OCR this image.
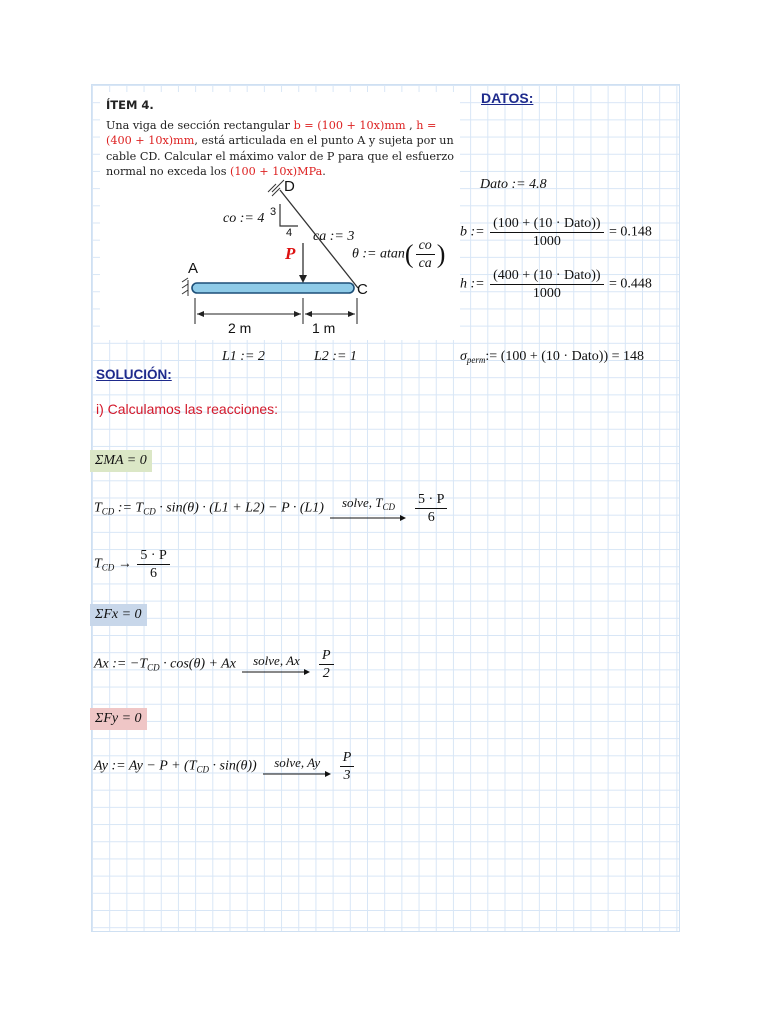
ÍTEM 4.
Una viga de sección rectangular b = (100 + 10x)mm , h = (400 + 10x)mm, está articulada en el punto A y sujeta por un cable CD. Calcular el máximo valor de P para que el esfuerzo normal no exceda los (100 + 10x)MPa.
D
A
C
P
3
4
2 m	1 m
co := 4
ca := 3
θ := $atan( \frac{co}{ca}$ )
DATOS:
Dato := 4.8
b := $\frac{\text{(100 + (10 · Dato))}}{1000} = 0.148$
h := $\frac{\text{(400 + (10 · Dato))}}{1000} = 0.448$
L1 := 2	L2 := 1	$\sigma_{perm}:= (100 + (10$ · Dato)) = 148
SOLUCIÓN:
i) Calculamos las reacciones:
ΣMA = 0
$T_{CD}$ := $T_{CD} \cdot \sin(\theta) \cdot (L1 + L2) - P \cdot (L1)$ solve, $T_{CD}$
$\frac{5 \cdot P}{6}$
$T_{CD} \to \frac{5 \cdot P}{6}$
ΣFx = 0
Ax := $-T_{CD} \cdot \cos(\theta) + Ax$ solve, Ax
$\frac{P}{2}$
ΣFy = 0
Ay := $Ay - P + (T_{CD} \cdot \sin(\theta))$ solve, Ay
$\frac{P}{3}$
